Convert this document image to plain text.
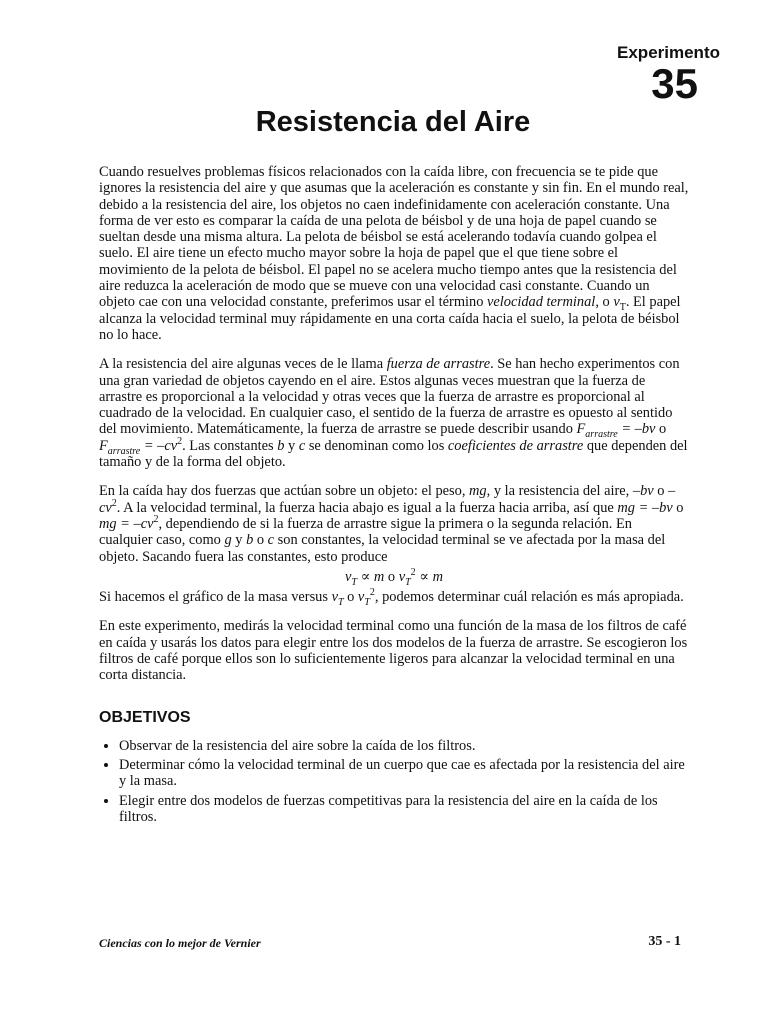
Experimento
35
Resistencia del Aire

Cuando resuelves problemas físicos relacionados con la caída libre, con frecuencia se te pide que ignores la resistencia del aire y que asumas que la aceleración es constante y sin fin. En el mundo real, debido a la resistencia del aire, los objetos no caen indefinidamente con aceleración constante. Una forma de ver esto es comparar la caída de una pelota de béisbol y de una hoja de papel cuando se sueltan desde una misma altura. La pelota de béisbol se está acelerando todavía cuando golpea el suelo. El aire tiene un efecto mucho mayor sobre la hoja de papel que el que tiene sobre el movimiento de la pelota de béisbol. El papel no se acelera mucho tiempo antes que la resistencia del aire reduzca la aceleración de modo que se mueve con una velocidad casi constante. Cuando un objeto cae con una velocidad constante, preferimos usar el término velocidad terminal, o $v_T$. El papel alcanza la velocidad terminal muy rápidamente en una corta caída hacia el suelo, la pelota de béisbol no lo hace.

A la resistencia del aire algunas veces de le llama fuerza de arrastre. Se han hecho experimentos con una gran variedad de objetos cayendo en el aire. Estos algunas veces muestran que la fuerza de arrastre es proporcional a la velocidad y otras veces que la fuerza de arrastre es proporcional al cuadrado de la velocidad. En cualquier caso, el sentido de la fuerza de arrastre es opuesto al sentido del movimiento. Matemáticamente, la fuerza de arrastre se puede describir usando $F_{arrastre} = -bv$ o $F_{arrastre} = -cv^2$. Las constantes b y c se denominan como los coeficientes de arrastre que dependen del tamaño y de la forma del objeto.

En la caída hay dos fuerzas que actúan sobre un objeto: el peso, mg, y la resistencia del aire, –bv o $-cv^2$. A la velocidad terminal, la fuerza hacia abajo es igual a la fuerza hacia arriba, así que mg = –bv o mg = $-cv^2$, dependiendo de si la fuerza de arrastre sigue la primera o la segunda relación. En cualquier caso, como g y b o c son constantes, la velocidad terminal se ve afectada por la masa del objeto. Sacando fuera las constantes, esto produce

$v_T \propto m$ o $v_T^2 \propto m$

Si hacemos el gráfico de la masa versus $v_T$ o $v_T^2$, podemos determinar cuál relación es más apropiada.

En este experimento, medirás la velocidad terminal como una función de la masa de los filtros de café en caída y usarás los datos para elegir entre los dos modelos de la fuerza de arrastre. Se escogieron los filtros de café porque ellos son lo suficientemente ligeros para alcanzar la velocidad terminal en una corta distancia.

OBJETIVOS
• Observar de la resistencia del aire sobre la caída de los filtros.
• Determinar cómo la velocidad terminal de un cuerpo que cae es afectada por la resistencia del aire y la masa.
• Elegir entre dos modelos de fuerzas competitivas para la resistencia del aire en la caída de los filtros.
Ciencias con lo mejor de Vernier	35 - 1
